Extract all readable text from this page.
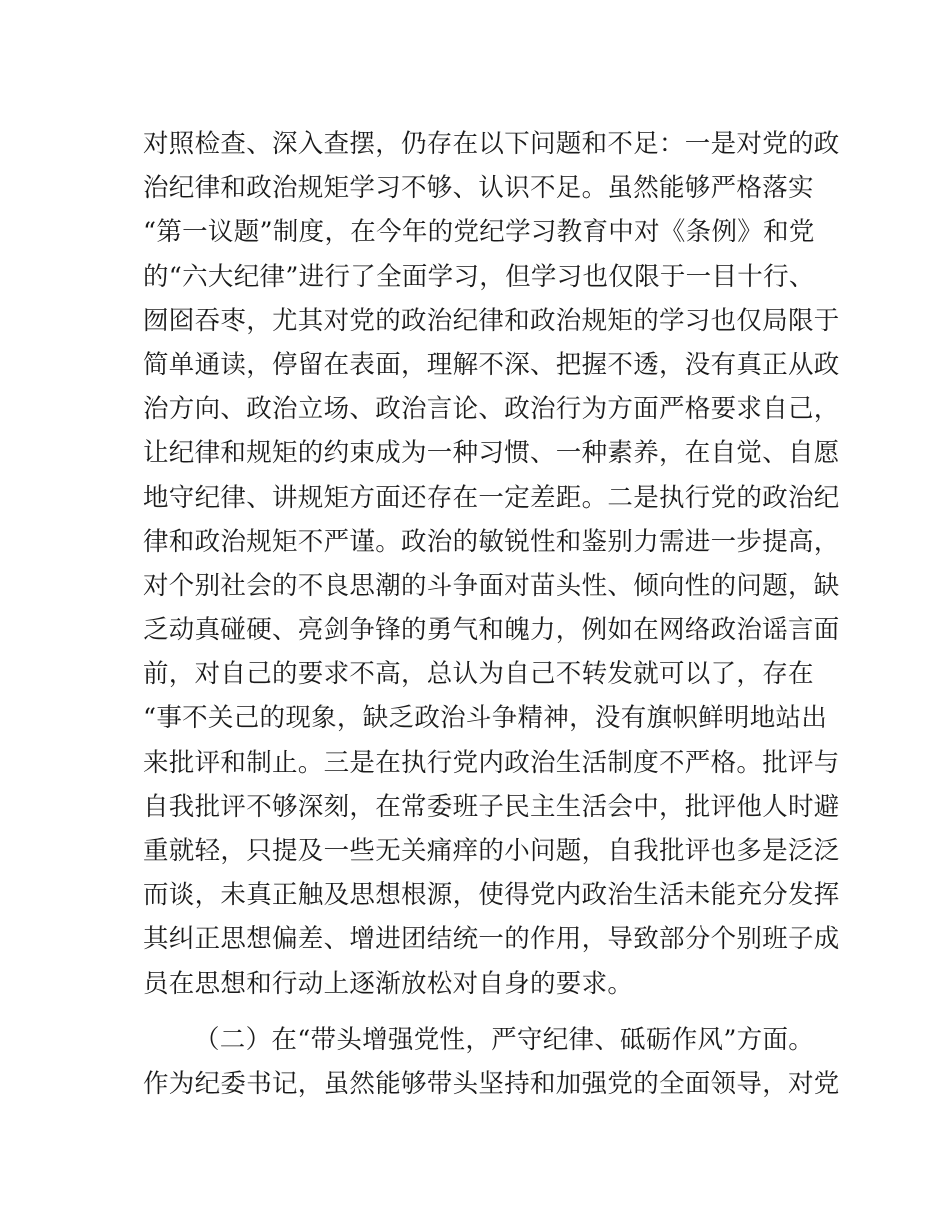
对照检查、深入查摆，仍存在以下问题和不足：一是对党的政
治纪律和政治规矩学习不够、认识不足。虽然能够严格落实
“第一议题”制度，在今年的党纪学习教育中对《条例》和党
的“六大纪律”进行了全面学习，但学习也仅限于一目十行、
囫囵吞枣，尤其对党的政治纪律和政治规矩的学习也仅局限于
简单通读，停留在表面，理解不深、把握不透，没有真正从政
治方向、政治立场、政治言论、政治行为方面严格要求自己，
让纪律和规矩的约束成为一种习惯、一种素养，在自觉、自愿
地守纪律、讲规矩方面还存在一定差距。二是执行党的政治纪
律和政治规矩不严谨。政治的敏锐性和鉴别力需进一步提高，
对个别社会的不良思潮的斗争面对苗头性、倾向性的问题，缺
乏动真碰硬、亮剑争锋的勇气和魄力，例如在网络政治谣言面
前，对自己的要求不高，总认为自己不转发就可以了，存在
“事不关己的现象，缺乏政治斗争精神，没有旗帜鲜明地站出
来批评和制止。三是在执行党内政治生活制度不严格。批评与
自我批评不够深刻，在常委班子民主生活会中，批评他人时避
重就轻，只提及一些无关痛痒的小问题，自我批评也多是泛泛
而谈，未真正触及思想根源，使得党内政治生活未能充分发挥
其纠正思想偏差、增进团结统一的作用，导致部分个别班子成
员在思想和行动上逐渐放松对自身的要求。
（二）在“带头增强党性，严守纪律、砥砺作风”方面。
作为纪委书记，虽然能够带头坚持和加强党的全面领导，对党
